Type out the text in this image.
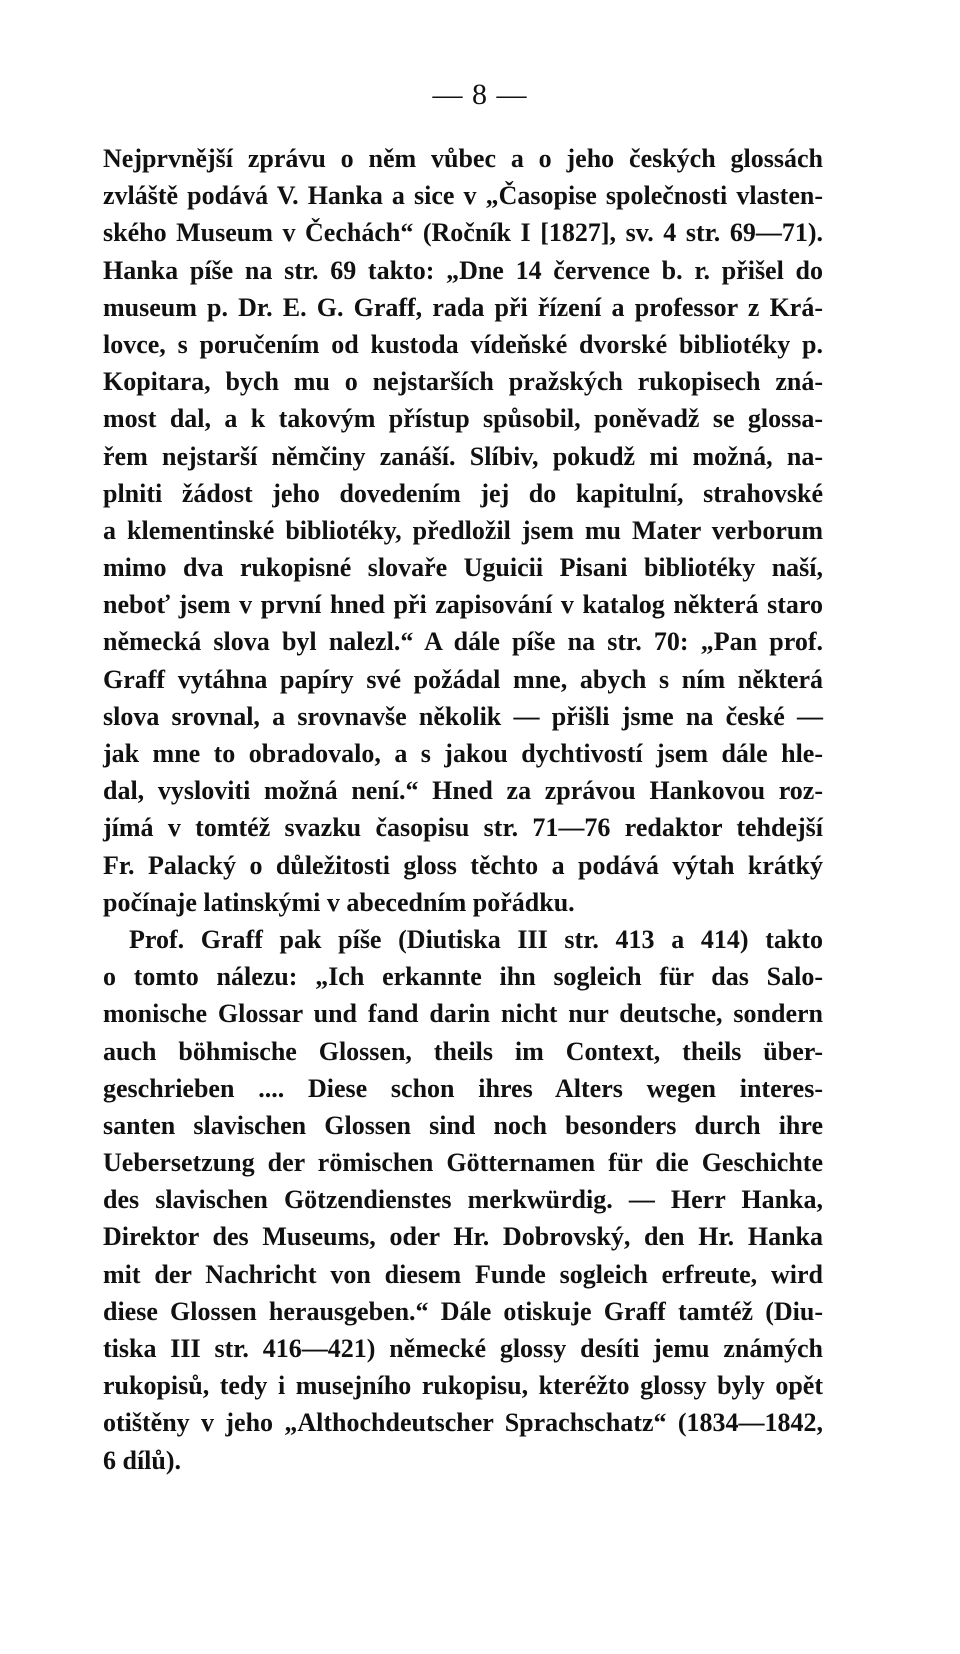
— 8 —
Nejprvnější zprávu o něm vůbec a o jeho českých glossách
zvláště podává V. Hanka a sice v „Časopise společnosti vlasten-
ského Museum v Čechách“ (Ročník I [1827], sv. 4 str. 69—71).
Hanka píše na str. 69 takto: „Dne 14 července b. r. přišel do
museum p. Dr. E. G. Graff, rada při řízení a professor z Krá-
lovce, s poručením od kustoda vídeňské dvorské bibliotéky p.
Kopitara, bych mu o nejstarších pražských rukopisech zná-
most dal, a k takovým přístup spůsobil, poněvadž se glossa-
řem nejstarší němčiny zanáší. Slíbiv, pokudž mi možná, na-
plniti žádost jeho dovedením jej do kapitulní, strahovské
a klementinské bibliotéky, předložil jsem mu Mater verborum
mimo dva rukopisné slovaře Uguicii Pisani bibliotéky naší,
neboť jsem v první hned při zapisování v katalog některá staro
německá slova byl nalezl.“ A dále píše na str. 70: „Pan prof.
Graff vytáhna papíry své požádal mne, abych s ním některá
slova srovnal, a srovnavše několik — přišli jsme na české —
jak mne to obradovalo, a s jakou dychtivostí jsem dále hle-
dal, vysloviti možná není.“ Hned za zprávou Hankovou roz-
jímá v tomtéž svazku časopisu str. 71—76 redaktor tehdejší
Fr. Palacký o důležitosti gloss těchto a podává výtah krátký
počínaje latinskými v abecedním pořádku.
Prof. Graff pak píše (Diutiska III str. 413 a 414) takto
o tomto nálezu: „Ich erkannte ihn sogleich für das Salo-
monische Glossar und fand darin nicht nur deutsche, sondern
auch böhmische Glossen, theils im Context, theils über-
geschrieben .... Diese schon ihres Alters wegen interes-
santen slavischen Glossen sind noch besonders durch ihre
Uebersetzung der römischen Götternamen für die Geschichte
des slavischen Götzendienstes merkwürdig. — Herr Hanka,
Direktor des Museums, oder Hr. Dobrovský, den Hr. Hanka
mit der Nachricht von diesem Funde sogleich erfreute, wird
diese Glossen herausgeben.“ Dále otiskuje Graff tamtéž (Diu-
tiska III str. 416—421) německé glossy desíti jemu známých
rukopisů, tedy i musejního rukopisu, kteréžto glossy byly opět
otištěny v jeho „Althochdeutscher Sprachschatz“ (1834—1842,
6 dílů).
